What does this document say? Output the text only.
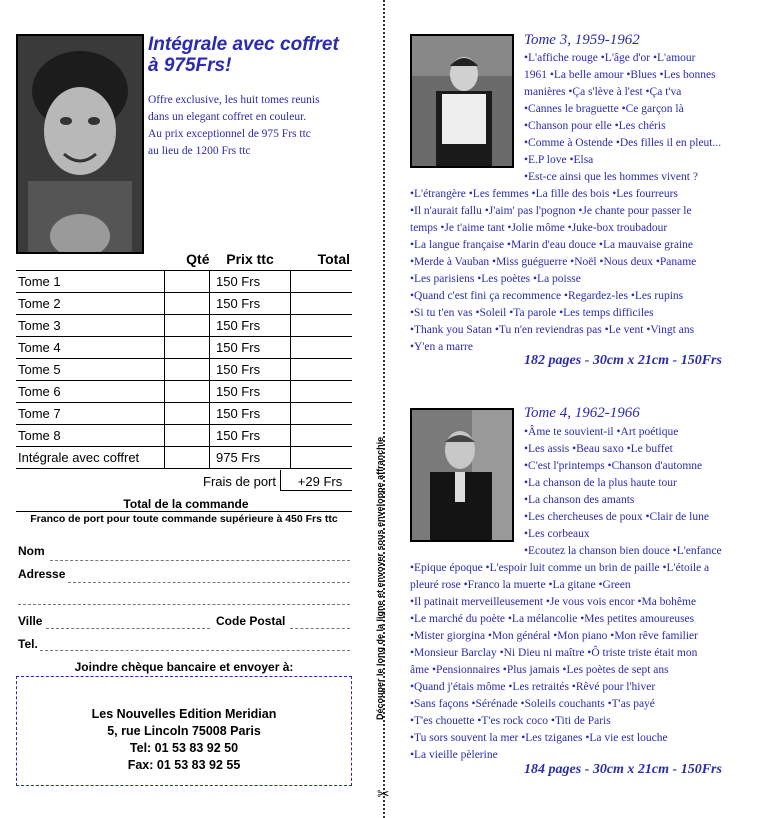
Intégrale avec coffret
à 975Frs!
Offre exclusive, les huit tomes reunis
dans un elegant coffret en couleur.
Au prix exceptionnel de 975 Frs ttc
au lieu de 1200 Frs ttc
	Qté	Prix ttc	Total
Tome 1		150 Frs	
Tome 2		150 Frs	
Tome 3		150 Frs	
Tome 4		150 Frs	
Tome 5		150 Frs	
Tome 6		150 Frs	
Tome 7		150 Frs	
Tome 8		150 Frs	
Intégrale avec coffret		975 Frs	
Frais de port	+29 Frs
Total de la commande
Franco de port pour toute commande supérieure à 450 Frs ttc
Nom
Adresse
Ville	Code Postal
Tel.
Joindre chèque bancaire et envoyer à:
Les Nouvelles Edition Meridian
5, rue Lincoln 75008 Paris
Tel: 01 53 83 92 50
Fax: 01 53 83 92 55
Découper le long de la ligne et envoyer sous enveloppe affranchie
✂
Tome 3, 1959-1962
•L'affiche rouge •L'âge d'or •L'amour
1961 •La belle amour •Blues •Les bonnes
manières •Ça s'lève à l'est •Ça t'va
•Cannes le braguette •Ce garçon là
•Chanson pour elle •Les chéris
•Comme à Ostende •Des filles il en pleut...
•E.P love •Elsa
•Est-ce ainsi que les hommes vivent ?
•L'étrangère •Les femmes •La fille des bois •Les fourreurs
•Il n'aurait fallu •J'aim' pas l'pognon •Je chante pour passer le
temps •Je t'aime tant •Jolie môme •Juke-box troubadour
•La langue française •Marin d'eau douce •La mauvaise graine
•Merde à Vauban •Miss guéguerre •Noël •Nous deux •Paname
•Les parisiens •Les poètes •La poisse
•Quand c'est fini ça recommence •Regardez-les •Les rupins
•Si tu t'en vas •Soleil •Ta parole •Les temps difficiles
•Thank you Satan •Tu n'en reviendras pas •Le vent •Vingt ans
•Y'en a marre
182 pages - 30cm x 21cm - 150Frs
Tome 4, 1962-1966
•Âme te souvient-il •Art poétique
•Les assis •Beau saxo •Le buffet
•C'est l'printemps •Chanson d'automne
•La chanson de la plus haute tour
•La chanson des amants
•Les chercheuses de poux •Clair de lune
•Les corbeaux
•Ecoutez la chanson bien douce •L'enfance
•Epique époque •L'espoir luit comme un brin de paille •L'étoile a
pleuré rose •Franco la muerte •La gitane •Green
•Il patinait merveilleusement •Je vous vois encor •Ma bohême
•Le marché du poète •La mélancolie •Mes petites amoureuses
•Mister giorgina •Mon général •Mon piano •Mon rêve familier
•Monsieur Barclay •Ni Dieu ni maître •Ô triste triste était mon
âme •Pensionnaires •Plus jamais •Les poètes de sept ans
•Quand j'étais môme •Les retraités •Rêvé pour l'hiver
•Sans façons •Sérénade •Soleils couchants •T'as payé
•T'es chouette •T'es rock coco •Titi de Paris
•Tu sors souvent la mer •Les tziganes •La vie est louche
•La vieille pèlerine
184 pages - 30cm x 21cm - 150Frs
